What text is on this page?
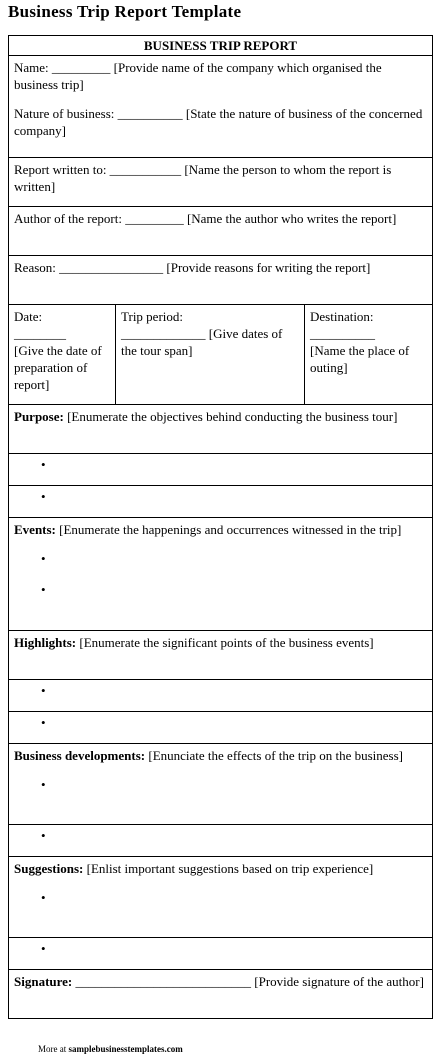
Business Trip Report Template
BUSINESS TRIP REPORT

Name: _________ [Provide name of the company which organised the business trip]

Nature of business: __________ [State the nature of business of the concerned company]

Report written to: ___________ [Name the person to whom the report is written]
Author of the report: _________ [Name the author who writes the report]
Reason: ________________ [Provide reasons for writing the report]

Date:
________
[Give the date of preparation of report]

Trip period:
_____________ [Give dates of the tour span]

Destination:
__________
[Name the place of outing]

Purpose: [Enumerate the objectives behind conducting the business tour]

•

•

Events: [Enumerate the happenings and occurrences witnessed in the trip]
•
•

Highlights: [Enumerate the significant points of the business events]

•

•

Business developments: [Enunciate the effects of the trip on the business]
•

•

Suggestions: [Enlist important suggestions based on trip experience]
•

•

Signature: ___________________________ [Provide signature of the author]
More at samplebusinesstemplates.com
